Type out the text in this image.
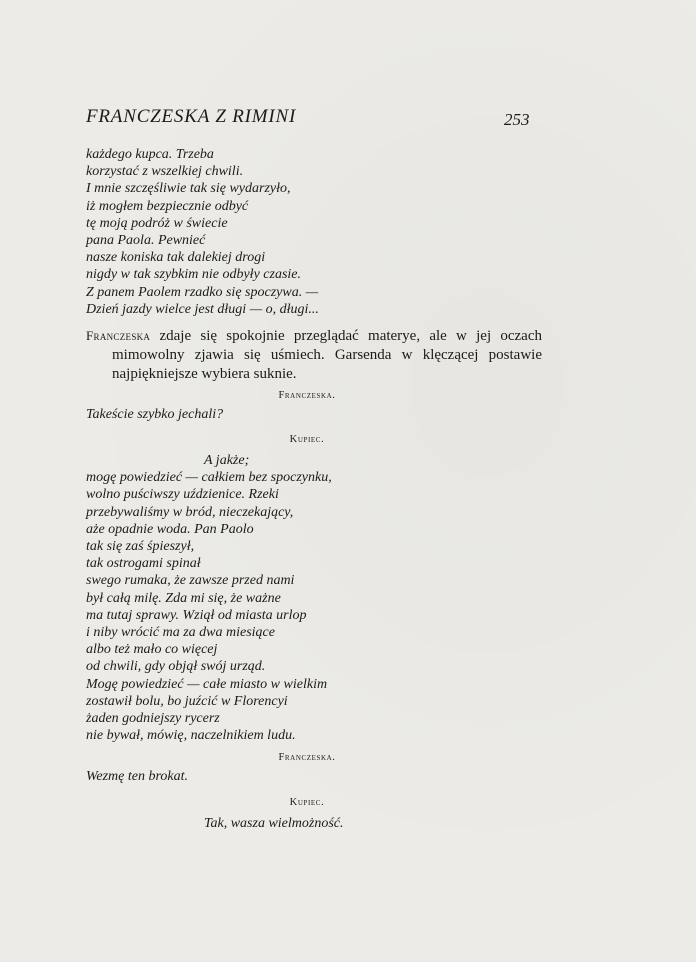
FRANCZESKA Z RIMINI	253
każdego kupca. Trzeba
korzystać z wszelkiej chwili.
I mnie szczęśliwie tak się wydarzyło,
iż mogłem bezpiecznie odbyć
tę moją podróż w świecie
pana Paola. Pewnieć
nasze koniska tak dalekiej drogi
nigdy w tak szybkim nie odbyły czasie.
Z panem Paolem rzadko się spoczywa. —
Dzień jazdy wielce jest długi — o, długi...
Franczeska zdaje się spokojnie przeglądać materye, ale w jej oczach mimowolny zjawia się uśmiech. Garsenda w klęczącej postawie najpiękniejsze wybiera suknie.
Franczeska.
Takeście szybko jechali?
Kupiec.
A jakże;
mogę powiedzieć — całkiem bez spoczynku,
wolno puściwszy uździenice. Rzeki
przebywaliśmy w bród, nieczekający,
aże opadnie woda. Pan Paolo
tak się zaś śpieszył,
tak ostrogami spinał
swego rumaka, że zawsze przed nami
był całą milę. Zda mi się, że ważne
ma tutaj sprawy. Wziął od miasta urlop
i niby wrócić ma za dwa miesiące
albo też mało co więcej
od chwili, gdy objął swój urząd.
Mogę powiedzieć — całe miasto w wielkim
zostawił bolu, bo juźcić w Florencyi
żaden godniejszy rycerz
nie bywał, mówię, naczelnikiem ludu.
Franczeska.
Wezmę ten brokat.
Kupiec.
Tak, wasza wielmożność.
